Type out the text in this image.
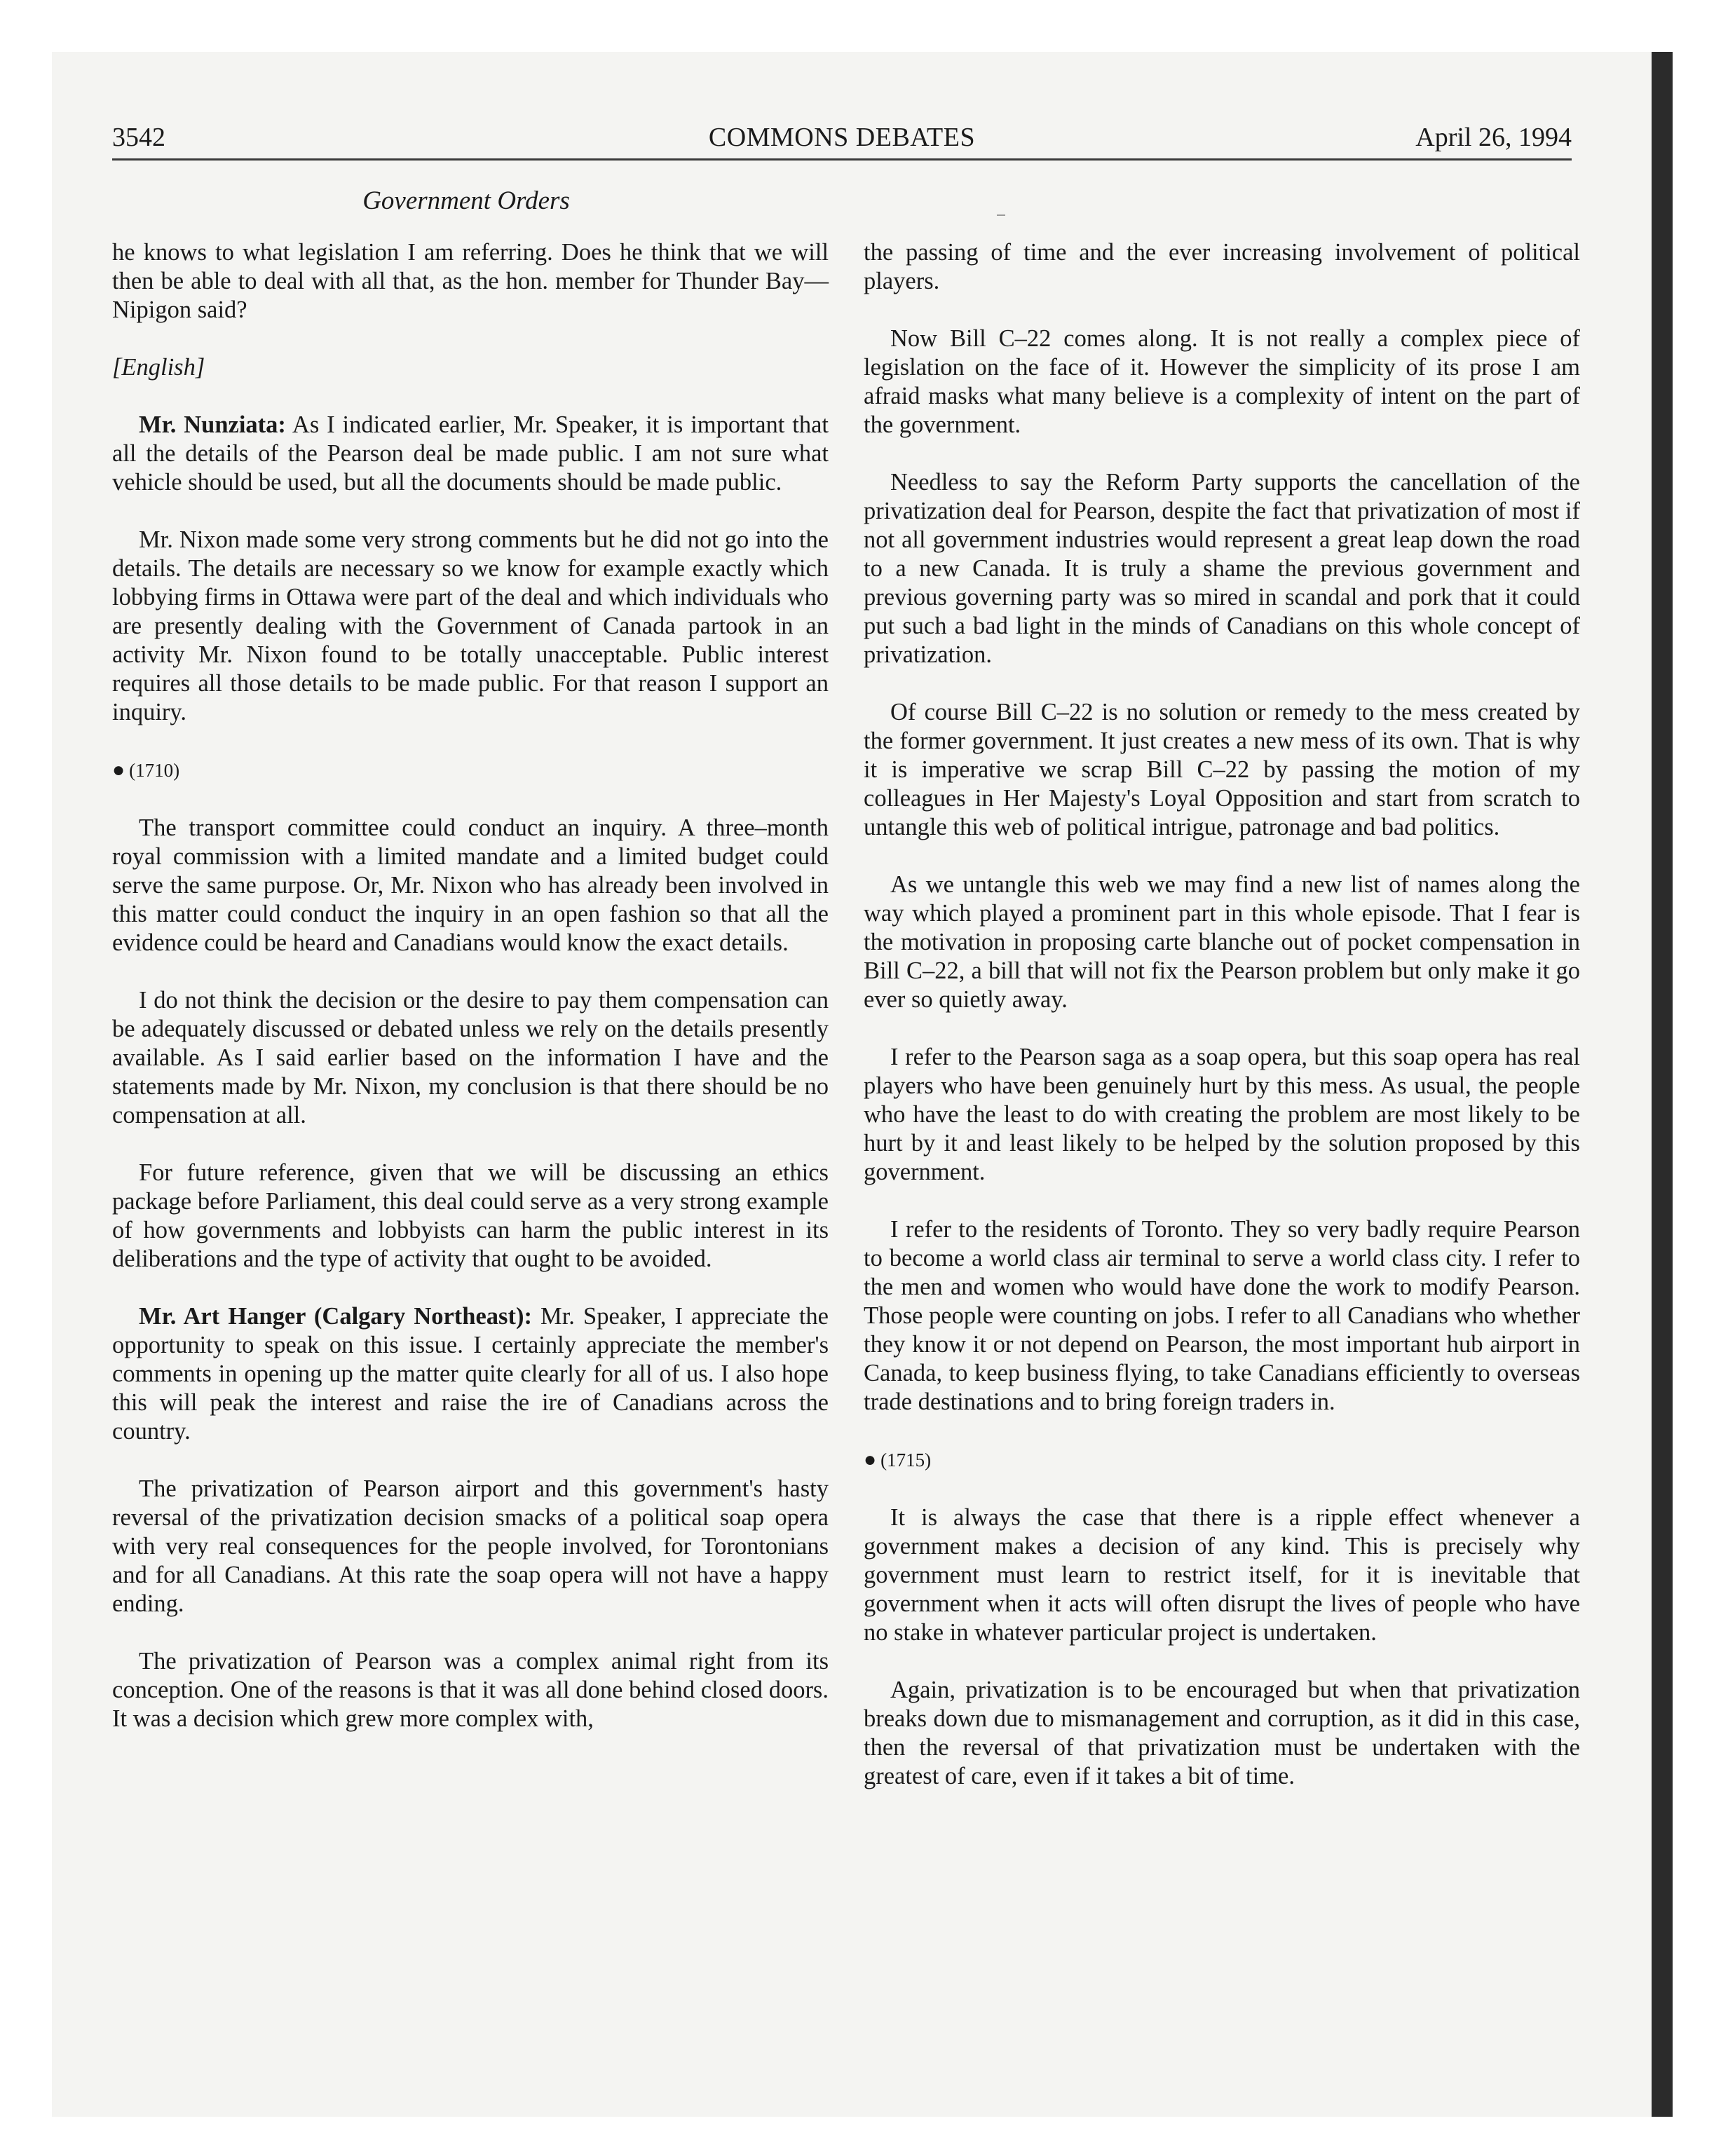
3542	COMMONS DEBATES	April 26, 1994
Government Orders

he knows to what legislation I am referring. Does he think that we will then be able to deal with all that, as the hon. member for Thunder Bay—Nipigon said?

[English]

Mr. Nunziata: As I indicated earlier, Mr. Speaker, it is important that all the details of the Pearson deal be made public. I am not sure what vehicle should be used, but all the documents should be made public.

Mr. Nixon made some very strong comments but he did not go into the details. The details are necessary so we know for example exactly which lobbying firms in Ottawa were part of the deal and which individuals who are presently dealing with the Government of Canada partook in an activity Mr. Nixon found to be totally unacceptable. Public interest requires all those details to be made public. For that reason I support an inquiry.

● (1710)

The transport committee could conduct an inquiry. A three–month royal commission with a limited mandate and a limited budget could serve the same purpose. Or, Mr. Nixon who has already been involved in this matter could conduct the inquiry in an open fashion so that all the evidence could be heard and Canadians would know the exact details.

I do not think the decision or the desire to pay them compensation can be adequately discussed or debated unless we rely on the details presently available. As I said earlier based on the information I have and the statements made by Mr. Nixon, my conclusion is that there should be no compensation at all.

For future reference, given that we will be discussing an ethics package before Parliament, this deal could serve as a very strong example of how governments and lobbyists can harm the public interest in its deliberations and the type of activity that ought to be avoided.

Mr. Art Hanger (Calgary Northeast): Mr. Speaker, I appreciate the opportunity to speak on this issue. I certainly appreciate the member's comments in opening up the matter quite clearly for all of us. I also hope this will peak the interest and raise the ire of Canadians across the country.

The privatization of Pearson airport and this government's hasty reversal of the privatization decision smacks of a political soap opera with very real consequences for the people involved, for Torontonians and for all Canadians. At this rate the soap opera will not have a happy ending.

The privatization of Pearson was a complex animal right from its conception. One of the reasons is that it was all done behind closed doors. It was a decision which grew more complex with,

the passing of time and the ever increasing involvement of political players.

Now Bill C–22 comes along. It is not really a complex piece of legislation on the face of it. However the simplicity of its prose I am afraid masks what many believe is a complexity of intent on the part of the government.

Needless to say the Reform Party supports the cancellation of the privatization deal for Pearson, despite the fact that privatization of most if not all government industries would represent a great leap down the road to a new Canada. It is truly a shame the previous government and previous governing party was so mired in scandal and pork that it could put such a bad light in the minds of Canadians on this whole concept of privatization.

Of course Bill C–22 is no solution or remedy to the mess created by the former government. It just creates a new mess of its own. That is why it is imperative we scrap Bill C–22 by passing the motion of my colleagues in Her Majesty's Loyal Opposition and start from scratch to untangle this web of political intrigue, patronage and bad politics.

As we untangle this web we may find a new list of names along the way which played a prominent part in this whole episode. That I fear is the motivation in proposing carte blanche out of pocket compensation in Bill C–22, a bill that will not fix the Pearson problem but only make it go ever so quietly away.

I refer to the Pearson saga as a soap opera, but this soap opera has real players who have been genuinely hurt by this mess. As usual, the people who have the least to do with creating the problem are most likely to be hurt by it and least likely to be helped by the solution proposed by this government.

I refer to the residents of Toronto. They so very badly require Pearson to become a world class air terminal to serve a world class city. I refer to the men and women who would have done the work to modify Pearson. Those people were counting on jobs. I refer to all Canadians who whether they know it or not depend on Pearson, the most important hub airport in Canada, to keep business flying, to take Canadians efficiently to overseas trade destinations and to bring foreign traders in.

● (1715)

It is always the case that there is a ripple effect whenever a government makes a decision of any kind. This is precisely why government must learn to restrict itself, for it is inevitable that government when it acts will often disrupt the lives of people who have no stake in whatever particular project is undertaken.

Again, privatization is to be encouraged but when that privatization breaks down due to mismanagement and corruption, as it did in this case, then the reversal of that privatization must be undertaken with the greatest of care, even if it takes a bit of time.
